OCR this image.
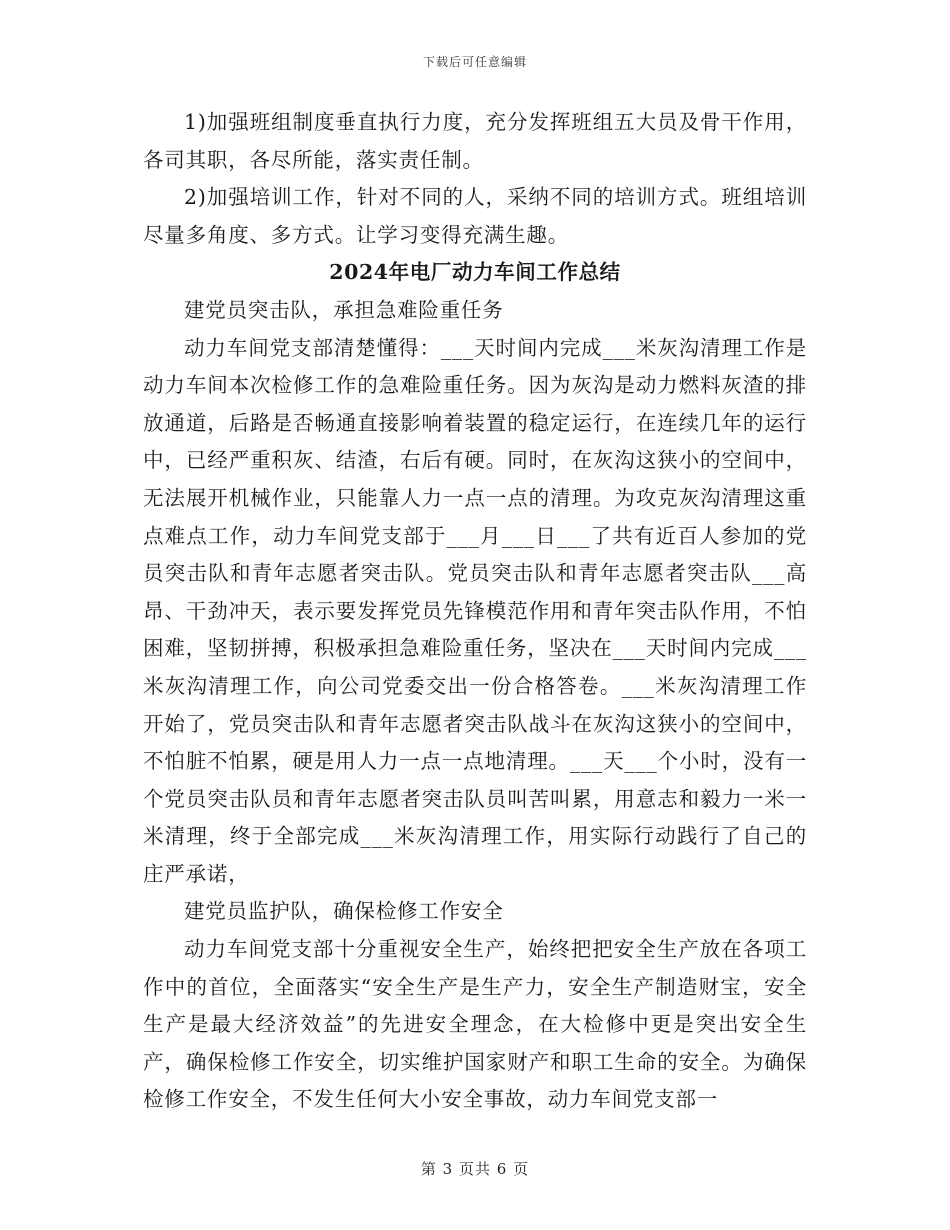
下载后可任意编辑

1)加强班组制度垂直执行力度，充分发挥班组五大员及骨干作用，各司其职，各尽所能，落实责任制。

2)加强培训工作，针对不同的人，采纳不同的培训方式。班组培训尽量多角度、多方式。让学习变得充满生趣。

2024年电厂动力车间工作总结

建党员突击队，承担急难险重任务

动力车间党支部清楚懂得：___天时间内完成___米灰沟清理工作是动力车间本次检修工作的急难险重任务。因为灰沟是动力燃料灰渣的排放通道，后路是否畅通直接影响着装置的稳定运行，在连续几年的运行中，已经严重积灰、结渣，右后有硬。同时，在灰沟这狭小的空间中，无法展开机械作业，只能靠人力一点一点的清理。为攻克灰沟清理这重点难点工作，动力车间党支部于___月___日___了共有近百人参加的党员突击队和青年志愿者突击队。党员突击队和青年志愿者突击队___高昂、干劲冲天，表示要发挥党员先锋模范作用和青年突击队作用，不怕困难，坚韧拼搏，积极承担急难险重任务，坚决在___天时间内完成___米灰沟清理工作，向公司党委交出一份合格答卷。___米灰沟清理工作开始了，党员突击队和青年志愿者突击队战斗在灰沟这狭小的空间中，不怕脏不怕累，硬是用人力一点一点地清理。___天___个小时，没有一个党员突击队员和青年志愿者突击队员叫苦叫累，用意志和毅力一米一米清理，终于全部完成___米灰沟清理工作，用实际行动践行了自己的庄严承诺，

建党员监护队，确保检修工作安全

动力车间党支部十分重视安全生产，始终把把安全生产放在各项工作中的首位，全面落实“安全生产是生产力，安全生产制造财宝，安全生产是最大经济效益”的先进安全理念，在大检修中更是突出安全生产，确保检修工作安全，切实维护国家财产和职工生命的安全。为确保检修工作安全，不发生任何大小安全事故，动力车间党支部一

第 3 页共 6 页
